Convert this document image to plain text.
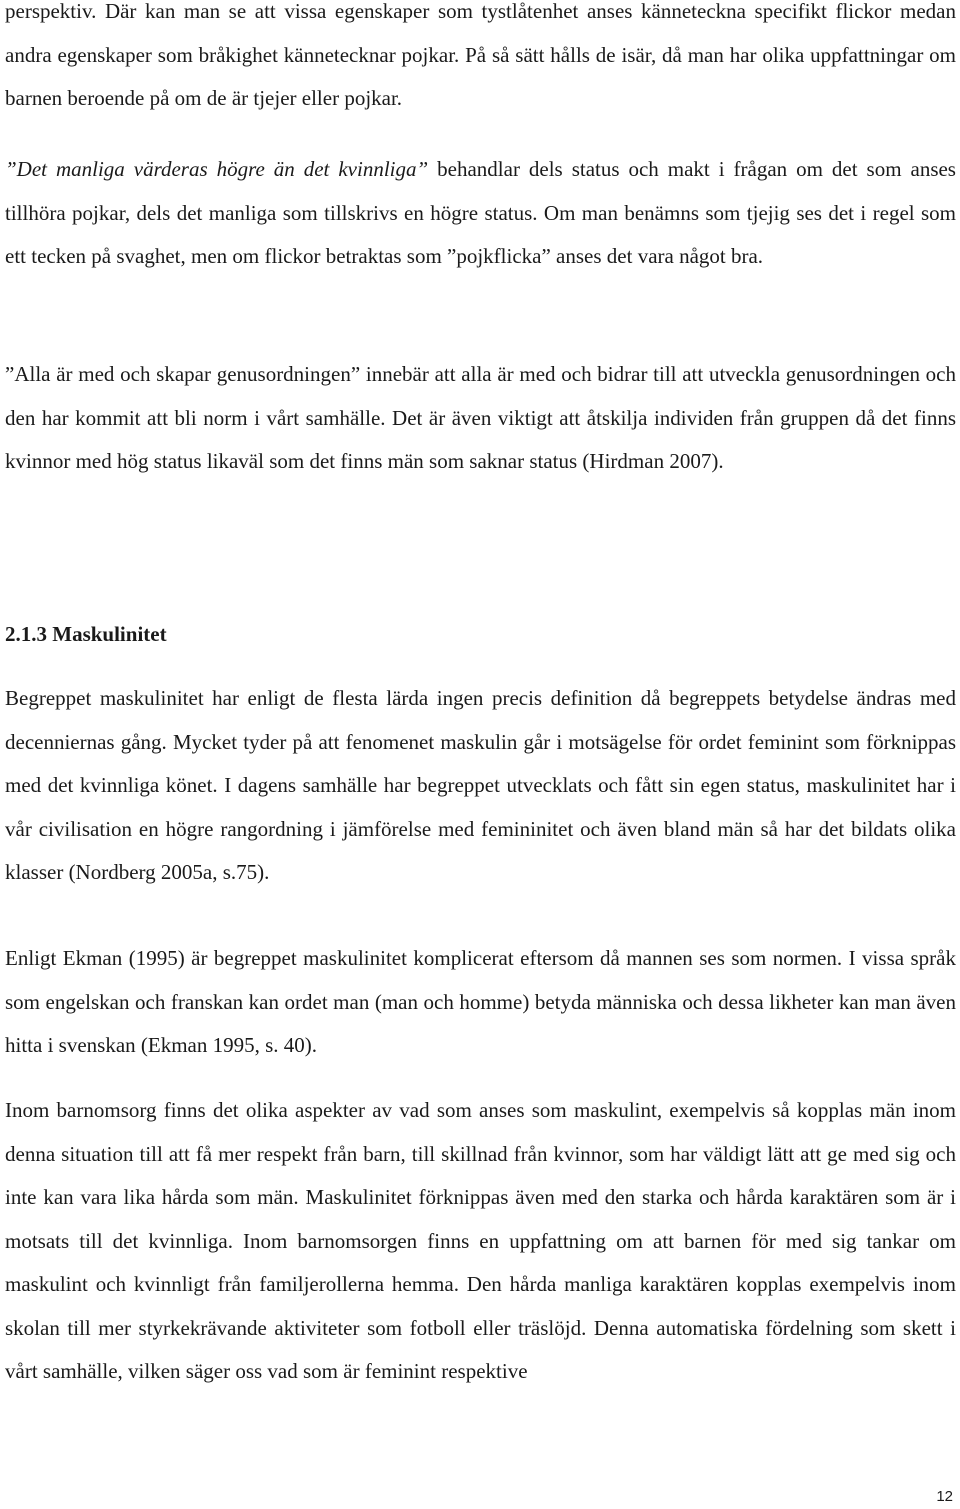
perspektiv. Där kan man se att vissa egenskaper som tystlåtenhet anses känneteckna specifikt flickor medan andra egenskaper som bråkighet kännetecknar pojkar. På så sätt hålls de isär, då man har olika uppfattningar om barnen beroende på om de är tjejer eller pojkar.

”Det manliga värderas högre än det kvinnliga” behandlar dels status och makt i frågan om det som anses tillhöra pojkar, dels det manliga som tillskrivs en högre status. Om man benämns som tjejig ses det i regel som ett tecken på svaghet, men om flickor betraktas som ”pojkflicka” anses det vara något bra.

”Alla är med och skapar genusordningen” innebär att alla är med och bidrar till att utveckla genusordningen och den har kommit att bli norm i vårt samhälle. Det är även viktigt att åtskilja individen från gruppen då det finns kvinnor med hög status likaväl som det finns män som saknar status (Hirdman 2007).

2.1.3 Maskulinitet

Begreppet maskulinitet har enligt de flesta lärda ingen precis definition då begreppets betydelse ändras med decenniernas gång. Mycket tyder på att fenomenet maskulin går i motsägelse för ordet feminint som förknippas med det kvinnliga könet. I dagens samhälle har begreppet utvecklats och fått sin egen status, maskulinitet har i vår civilisation en högre rangordning i jämförelse med femininitet och även bland män så har det bildats olika klasser (Nordberg 2005a, s.75).

Enligt Ekman (1995) är begreppet maskulinitet komplicerat eftersom då mannen ses som normen. I vissa språk som engelskan och franskan kan ordet man (man och homme) betyda människa och dessa likheter kan man även hitta i svenskan (Ekman 1995, s. 40).

Inom barnomsorg finns det olika aspekter av vad som anses som maskulint, exempelvis så kopplas män inom denna situation till att få mer respekt från barn, till skillnad från kvinnor, som har väldigt lätt att ge med sig och inte kan vara lika hårda som män. Maskulinitet förknippas även med den starka och hårda karaktären som är i motsats till det kvinnliga. Inom barnomsorgen finns en uppfattning om att barnen för med sig tankar om maskulint och kvinnligt från familjerollerna hemma. Den hårda manliga karaktären kopplas exempelvis inom skolan till mer styrkekrävande aktiviteter som fotboll eller träslöjd. Denna automatiska fördelning som skett i vårt samhälle, vilken säger oss vad som är feminint respektive

12
